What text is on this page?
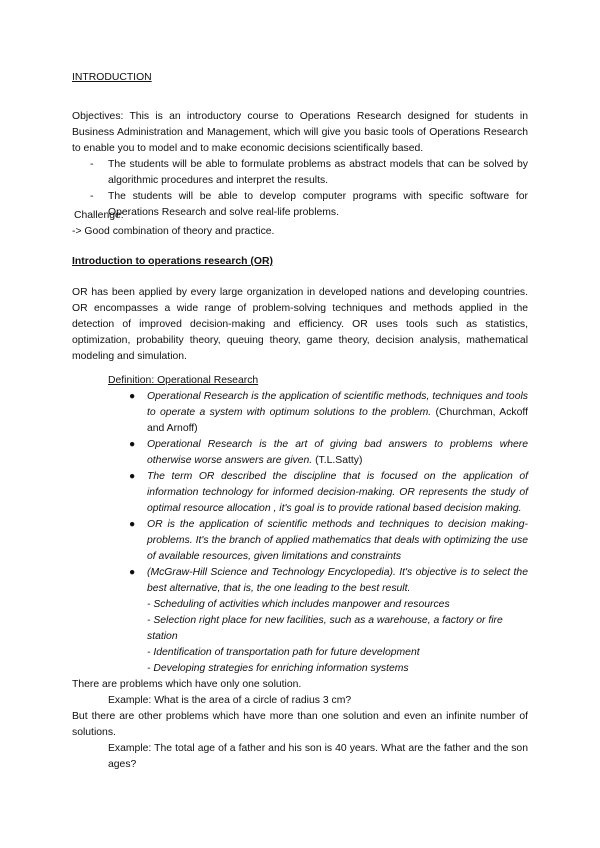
INTRODUCTION
Objectives: This is an introductory course to Operations Research designed for students in Business Administration and Management, which will give you basic tools of Operations Research to enable you to model and to make economic decisions scientifically based.
- The students will be able to formulate problems as abstract models that can be solved by algorithmic procedures and interpret the results.
- The students will be able to develop computer programs with specific software for Operations Research and solve real-life problems.
Challenge:
-> Good combination of theory and practice.
Introduction to operations research (OR)
OR has been applied by every large organization in developed nations and developing countries. OR encompasses a wide range of problem-solving techniques and methods applied in the detection of improved decision-making and efficiency. OR uses tools such as statistics, optimization, probability theory, queuing theory, game theory, decision analysis, mathematical modeling and simulation.
Definition: Operational Research
● Operational Research is the application of scientific methods, techniques and tools to operate a system with optimum solutions to the problem. (Churchman, Ackoff and Arnoff)
● Operational Research is the art of giving bad answers to problems where otherwise worse answers are given. (T.L.Satty)
● The term OR described the discipline that is focused on the application of information technology for informed decision-making. OR represents the study of optimal resource allocation , it's goal is to provide rational based decision making.
● OR is the application of scientific methods and techniques to decision making-problems. It's the branch of applied mathematics that deals with optimizing the use of available resources, given limitations and constraints
● (McGraw-Hill Science and Technology Encyclopedia). It's objective is to select the best alternative, that is, the one leading to the best result.
- Scheduling of activities which includes manpower and resources
- Selection right place for new facilities, such as a warehouse, a factory or fire station
- Identification of transportation path for future development
- Developing strategies for enriching information systems
There are problems which have only one solution.
Example: What is the area of a circle of radius 3 cm?
But there are other problems which have more than one solution and even an infinite number of solutions.
Example: The total age of a father and his son is 40 years. What are the father and the son ages?
